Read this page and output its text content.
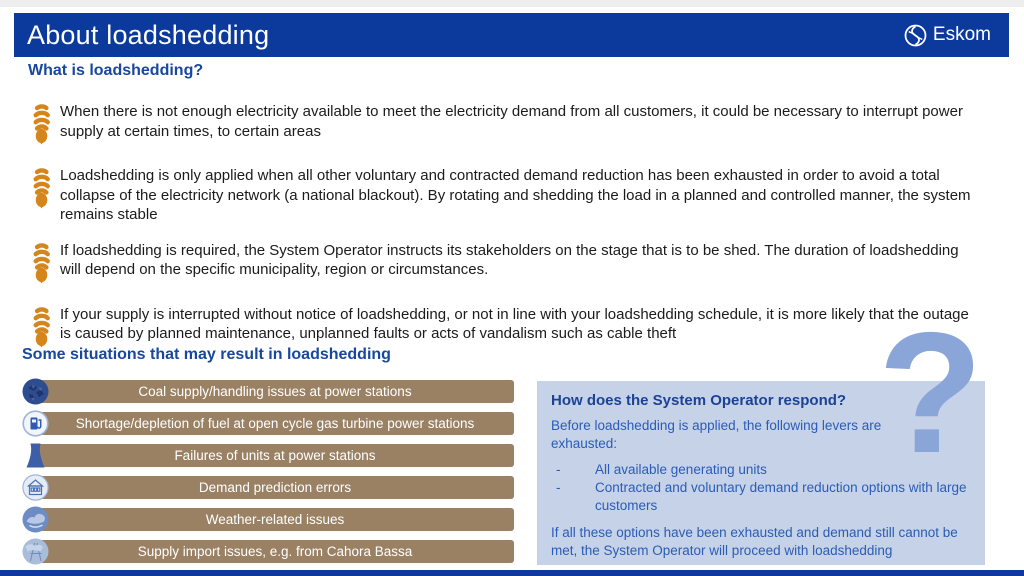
About loadshedding	Eskom
What is loadshedding?
When there is not enough electricity available to meet the electricity demand from all customers, it could be necessary to interrupt power supply at certain times, to certain areas
Loadshedding is only applied when all other voluntary and contracted demand reduction has been exhausted in order to avoid a total collapse of the electricity network (a national blackout). By rotating and shedding the load in a planned and controlled manner, the system remains stable
If loadshedding is required, the System Operator instructs its stakeholders on the stage that is to be shed. The duration of loadshedding will depend on the specific municipality, region or circumstances.
If your supply is interrupted without notice of loadshedding, or not in line with your loadshedding schedule, it is more likely that the outage is caused by planned maintenance, unplanned faults or acts of vandalism such as cable theft
Some situations that may result in loadshedding
Coal supply/handling issues at power stations
Shortage/depletion of fuel at open cycle gas turbine power stations
Failures of units at power stations
Demand prediction errors
Weather-related issues
Supply import issues, e.g. from Cahora Bassa
?
How does the System Operator respond?
Before loadshedding is applied, the following levers are exhausted:
-	All available generating units
-	Contracted and voluntary demand reduction options with large customers
If all these options have been exhausted and demand still cannot be met, the System Operator will proceed with loadshedding
